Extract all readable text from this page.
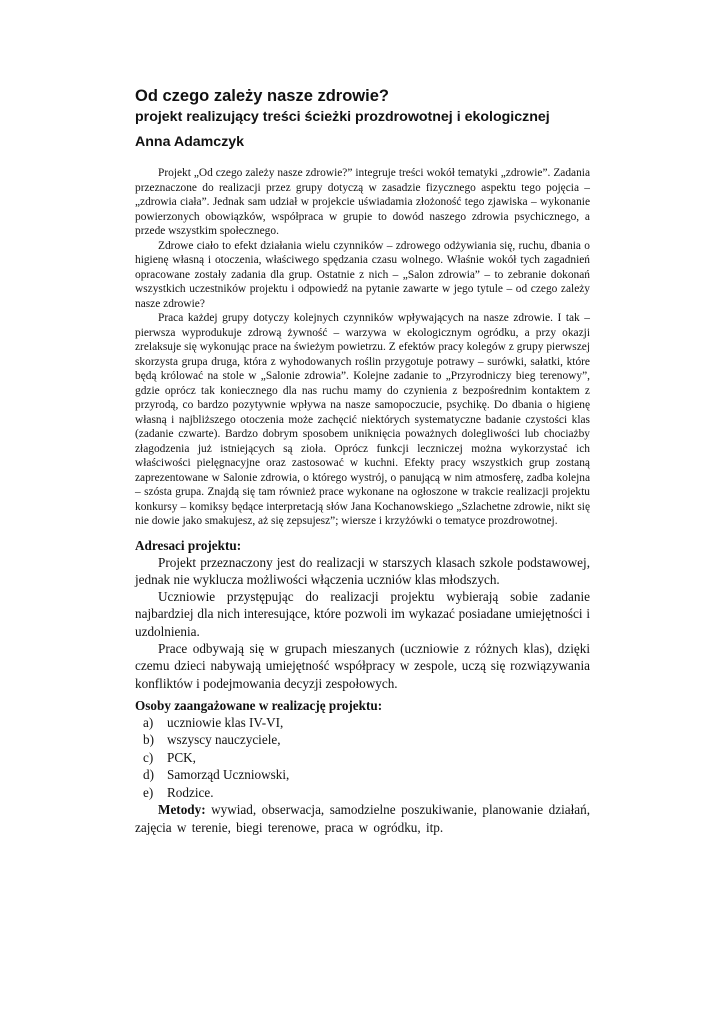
Od czego zależy nasze zdrowie?
projekt realizujący treści ścieżki prozdrowotnej i ekologicznej
Anna Adamczyk

Projekt „Od czego zależy nasze zdrowie?” integruje treści wokół tematyki „zdrowie”. Zadania przeznaczone do realizacji przez grupy dotyczą w zasadzie fizycznego aspektu tego pojęcia – „zdrowia ciała”. Jednak sam udział w projekcie uświadamia złożoność tego zjawiska – wykonanie powierzonych obowiązków, współpraca w grupie to dowód naszego zdrowia psychicznego, a przede wszystkim społecznego.

Zdrowe ciało to efekt działania wielu czynników – zdrowego odżywiania się, ruchu, dbania o higienę własną i otoczenia, właściwego spędzania czasu wolnego. Właśnie wokół tych zagadnień opracowane zostały zadania dla grup. Ostatnie z nich – „Salon zdrowia” – to zebranie dokonań wszystkich uczestników projektu i odpowiedź na pytanie zawarte w jego tytule – od czego zależy nasze zdrowie?

Praca każdej grupy dotyczy kolejnych czynników wpływających na nasze zdrowie. I tak – pierwsza wyprodukuje zdrową żywność – warzywa w ekologicznym ogródku, a przy okazji zrelaksuje się wykonując prace na świeżym powietrzu. Z efektów pracy kolegów z grupy pierwszej skorzysta grupa druga, która z wyhodowanych roślin przygotuje potrawy – surówki, sałatki, które będą królować na stole w „Salonie zdrowia”. Kolejne zadanie to „Przyrodniczy bieg terenowy”, gdzie oprócz tak koniecznego dla nas ruchu mamy do czynienia z bezpośrednim kontaktem z przyrodą, co bardzo pozytywnie wpływa na nasze samopoczucie, psychikę. Do dbania o higienę własną i najbliższego otoczenia może zachęcić niektórych systematyczne badanie czystości klas (zadanie czwarte). Bardzo dobrym sposobem uniknięcia poważnych dolegliwości lub chociażby złagodzenia już istniejących są zioła. Oprócz funkcji leczniczej można wykorzystać ich właściwości pielęgnacyjne oraz zastosować w kuchni. Efekty pracy wszystkich grup zostaną zaprezentowane w Salonie zdrowia, o którego wystrój, o panującą w nim atmosferę, zadba kolejna – szósta grupa. Znajdą się tam również prace wykonane na ogłoszone w trakcie realizacji projektu konkursy – komiksy będące interpretacją słów Jana Kochanowskiego „Szlachetne zdrowie, nikt się nie dowie jako smakujesz, aż się zepsujesz”; wiersze i krzyżówki o tematyce prozdrowotnej.

Adresaci projektu:

Projekt przeznaczony jest do realizacji w starszych klasach szkole podstawowej, jednak nie wyklucza możliwości włączenia uczniów klas młodszych.

Uczniowie przystępując do realizacji projektu wybierają sobie zadanie najbardziej dla nich interesujące, które pozwoli im wykazać posiadane umiejętności i uzdolnienia.

Prace odbywają się w grupach mieszanych (uczniowie z różnych klas), dzięki czemu dzieci nabywają umiejętność współpracy w zespole, uczą się rozwiązywania konfliktów i podejmowania decyzji zespołowych.

Osoby zaangażowane w realizację projektu:
a)	uczniowie klas IV-VI,
b) wszyscy nauczyciele,
c)	PCK,
d) Samorząd Uczniowski,
e)	Rodzice.

Metody: wywiad, obserwacja, samodzielne poszukiwanie, planowanie działań, zajęcia w terenie, biegi terenowe, praca w ogródku, itp.
